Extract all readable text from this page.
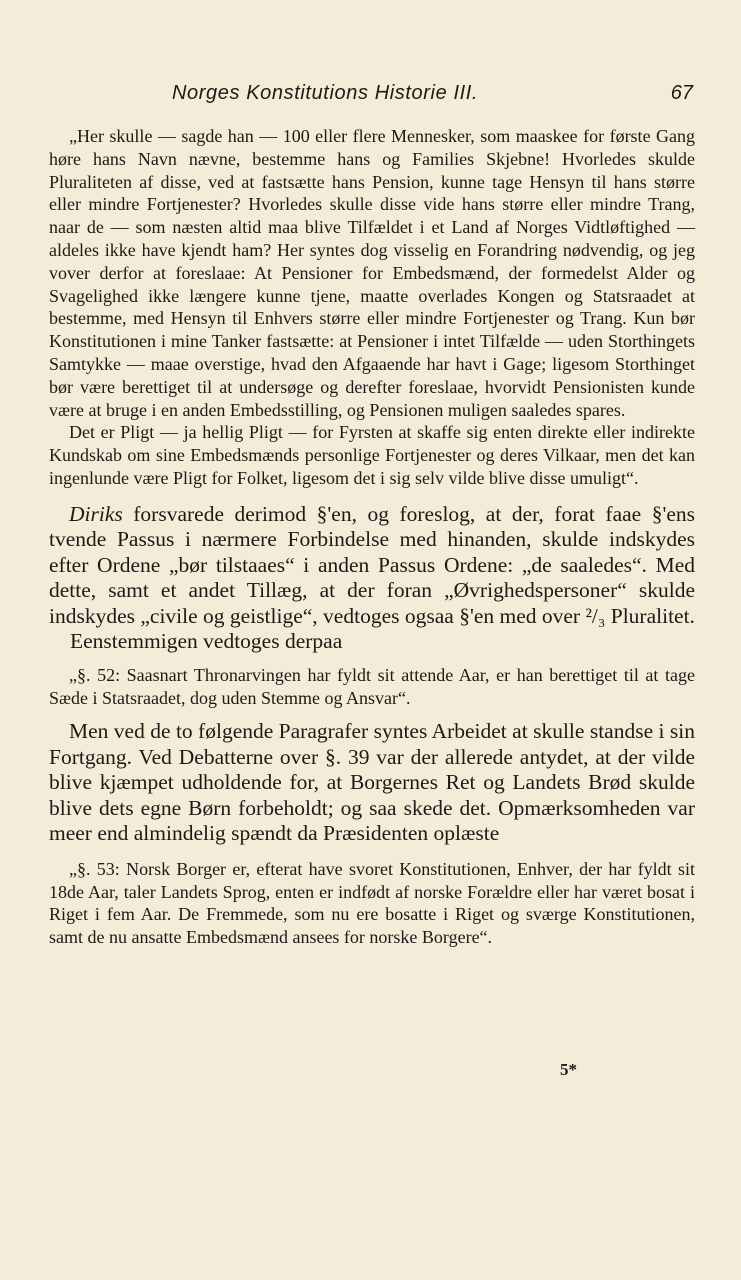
Norges Konstitutions Historie III.	67

„Her skulle — sagde han — 100 eller flere Mennesker, som maaskee for første Gang høre hans Navn nævne, bestemme hans og Families Skjebne! Hvorledes skulde Pluraliteten af disse, ved at fastsætte hans Pension, kunne tage Hensyn til hans større eller mindre Fortjenester? Hvorledes skulle disse vide hans større eller mindre Trang, naar de — som næsten altid maa blive Tilfældet i et Land af Norges Vidtløftighed — aldeles ikke have kjendt ham? Her syntes dog visselig en Forandring nødvendig, og jeg vover derfor at foreslaae: At Pensioner for Embedsmænd, der formedelst Alder og Svagelighed ikke længere kunne tjene, maatte overlades Kongen og Statsraadet at bestemme, med Hensyn til Enhvers større eller mindre Fortjenester og Trang. Kun bør Konstitutionen i mine Tanker fastsætte: at Pensioner i intet Tilfælde — uden Storthingets Samtykke — maae overstige, hvad den Afgaaende har havt i Gage; ligesom Storthinget bør være berettiget til at undersøge og derefter foreslaae, hvorvidt Pensionisten kunde være at bruge i en anden Embedsstilling, og Pensionen muligen saaledes spares.

Det er Pligt — ja hellig Pligt — for Fyrsten at skaffe sig enten direkte eller indirekte Kundskab om sine Embedsmænds personlige Fortjenester og deres Vilkaar, men det kan ingenlunde være Pligt for Folket, ligesom det i sig selv vilde blive disse umuligt“.

Diriks forsvarede derimod §'en, og foreslog, at der, forat faae §'ens tvende Passus i nærmere Forbindelse med hinanden, skulde indskydes efter Ordene „bør tilstaaes“ i anden Passus Ordene: „de saaledes“. Med dette, samt et andet Tillæg, at der foran „Øvrighedspersoner“ skulde indskydes „civile og geistlige“, vedtoges ogsaa §'en med over ²/₃ Pluralitet.

Eenstemmigen vedtoges derpaa

„§. 52: Saasnart Thronarvingen har fyldt sit attende Aar, er han berettiget til at tage Sæde i Statsraadet, dog uden Stemme og Ansvar“.

Men ved de to følgende Paragrafer syntes Arbeidet at skulle standse i sin Fortgang. Ved Debatterne over §. 39 var der allerede antydet, at der vilde blive kjæmpet udholdende for, at Borgernes Ret og Landets Brød skulde blive dets egne Børn forbeholdt; og saa skede det. Opmærksomheden var meer end almindelig spændt da Præsidenten oplæste

„§. 53: Norsk Borger er, efterat have svoret Konstitutionen, Enhver, der har fyldt sit 18de Aar, taler Landets Sprog, enten er indfødt af norske Forældre eller har været bosat i Riget i fem Aar. De Fremmede, som nu ere bosatte i Riget og sværge Konstitutionen, samt de nu ansatte Embedsmænd ansees for norske Borgere“.

5*
